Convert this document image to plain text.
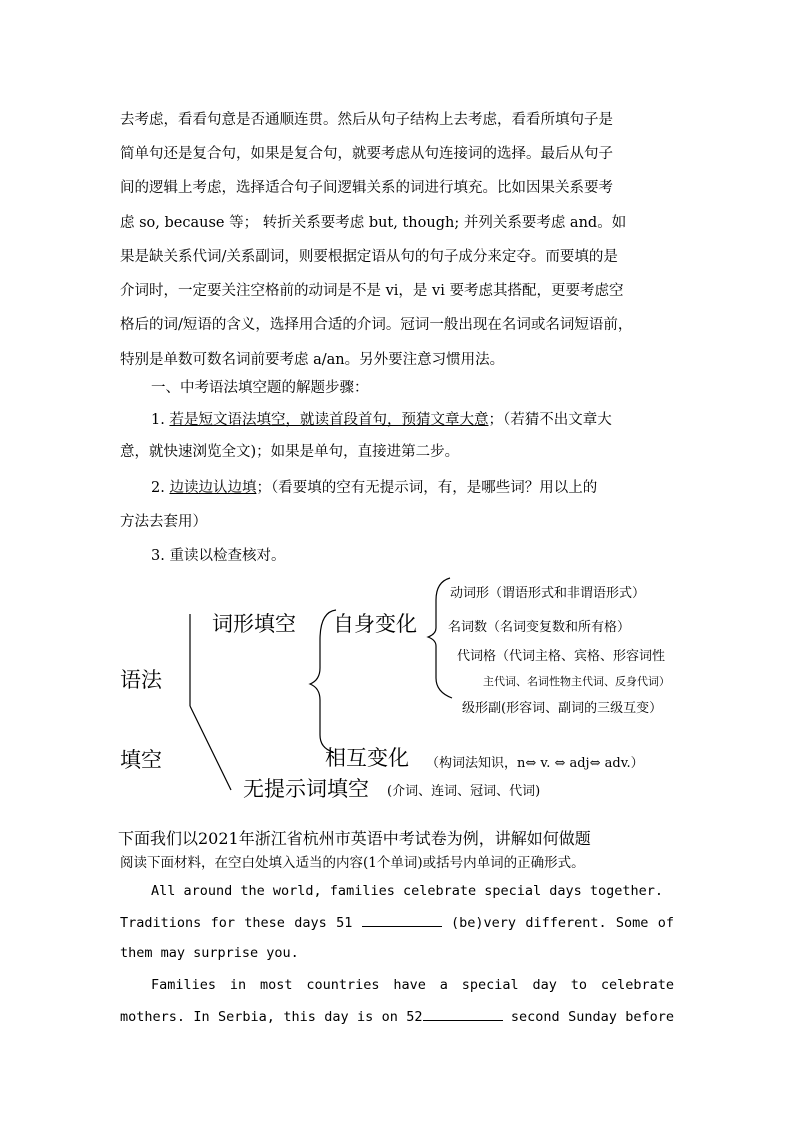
去考虑，看看句意是否通顺连贯。然后从句子结构上去考虑，看看所填句子是

简单句还是复合句，如果是复合句，就要考虑从句连接词的选择。最后从句子

间的逻辑上考虑，选择适合句子间逻辑关系的词进行填充。比如因果关系要考

虑 so, because 等； 转折关系要考虑 but, though; 并列关系要考虑 and。如

果是缺关系代词/关系副词，则要根据定语从句的句子成分来定夺。而要填的是

介词时，一定要关注空格前的动词是不是 vi，是 vi 要考虑其搭配，更要考虑空

格后的词/短语的含义，选择用合适的介词。冠词一般出现在名词或名词短语前，

特别是单数可数名词前要考虑 a/an。另外要注意习惯用法。

一、中考语法填空题的解题步骤：

1. 若是短文语法填空，就读首段首句，预猜文章大意；（若猜不出文章大

意，就快速浏览全文)；如果是单句，直接进第二步。

2. 边读边认边填；（看要填的空有无提示词，有，是哪些词？用以上的

方法去套用）

3. 重读以检查核对。

语法

填空

词形填空 自身变化

动词形（谓语形式和非谓语形式）

名词数（名词变复数和所有格）

代词格（代词主格、宾格、形容词性

主代词、名词性物主代词、反身代词）

级形副(形容词、副词的三级互变）

相互变化 （构词法知识，n⇔ v. ⇔ adj⇔ adv.）

无提示词填空 (介词、连词、冠词、代词)

下面我们以2021年浙江省杭州市英语中考试卷为例，讲解如何做题

阅读下面材料，在空白处填入适当的内容(1个单词)或括号内单词的正确形式。

All around the world, families celebrate special days together.

Traditions for these days 51	(be)very different. Some of

them may surprise you.

Families in most countries have a special day to celebrate

mothers. In Serbia, this day is on 52	second Sunday before
